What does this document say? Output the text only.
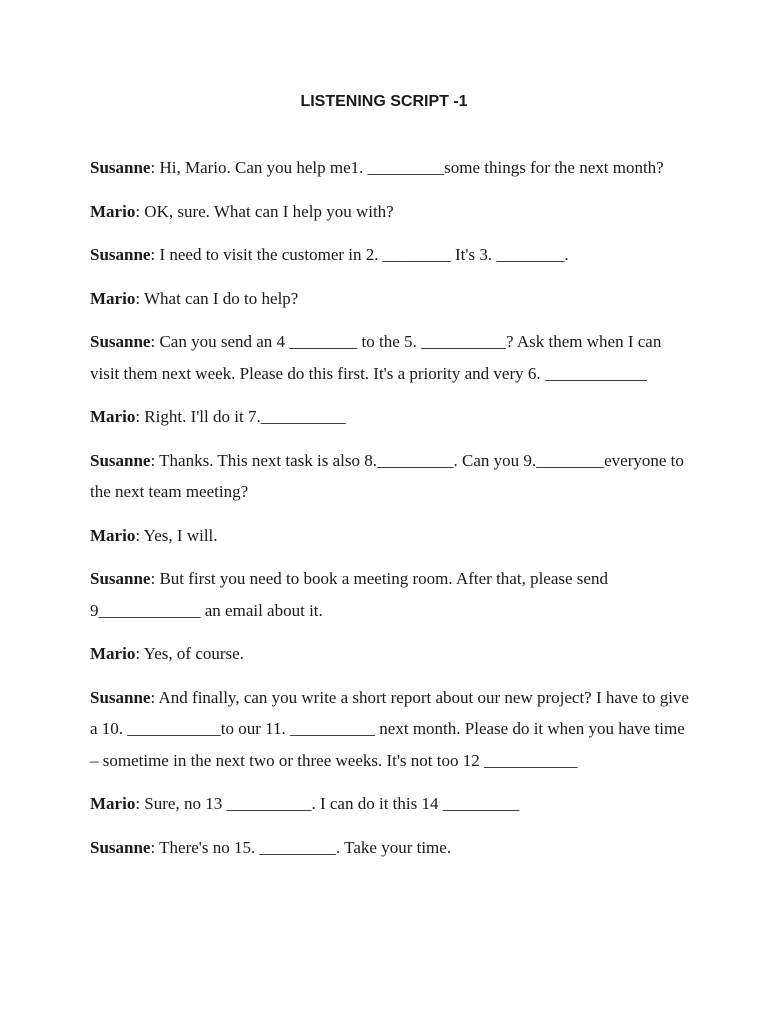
LISTENING SCRIPT -1

Susanne: Hi, Mario. Can you help me1. _________some things for the next month?

Mario: OK, sure. What can I help you with?

Susanne: I need to visit the customer in 2. ________ It's 3. ________.

Mario: What can I do to help?

Susanne: Can you send an 4 ________ to the 5. __________? Ask them when I can visit them next week. Please do this first. It's a priority and very 6. ____________

Mario: Right. I'll do it 7.__________

Susanne: Thanks. This next task is also 8._________. Can you 9.________everyone to the next team meeting?

Mario: Yes, I will.

Susanne: But first you need to book a meeting room. After that, please send 9____________ an email about it.

Mario: Yes, of course.

Susanne: And finally, can you write a short report about our new project? I have to give a 10. ___________to our 11. __________ next month. Please do it when you have time – sometime in the next two or three weeks. It's not too 12 ___________

Mario: Sure, no 13 __________. I can do it this 14 _________

Susanne: There's no 15. _________. Take your time.
